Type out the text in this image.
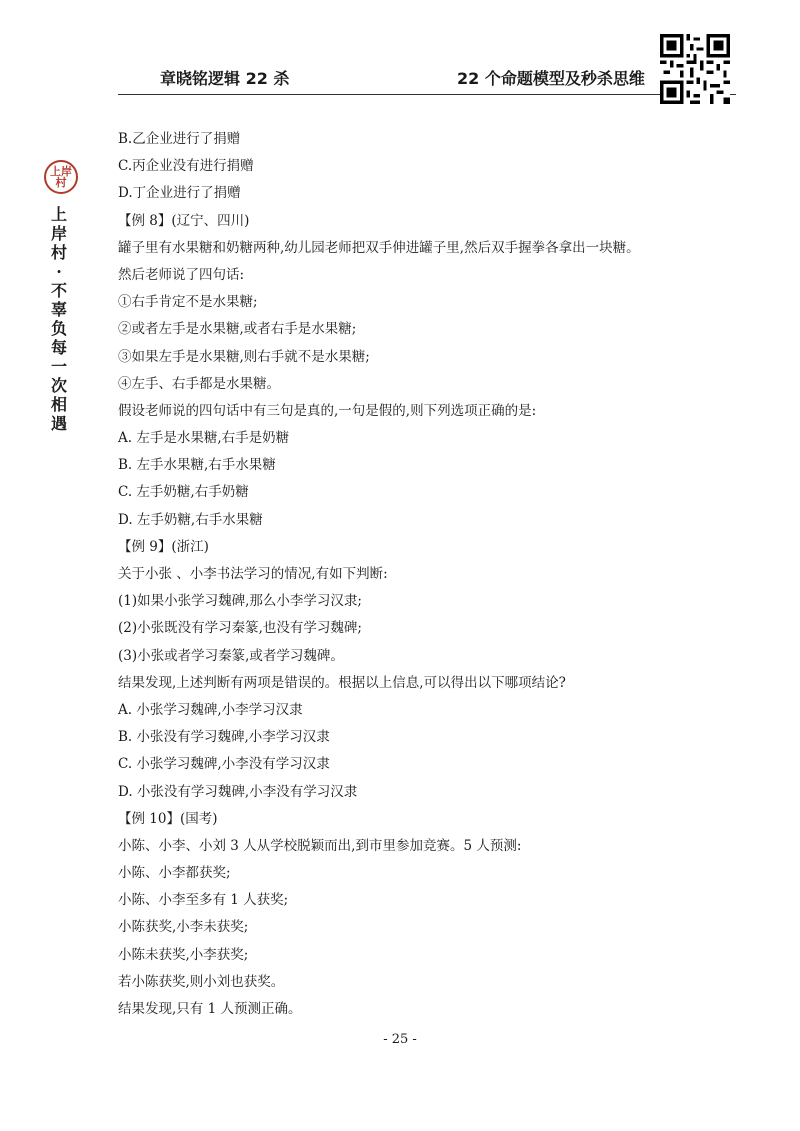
章晓铭逻辑 22 杀	22 个命题模型及秒杀思维
上岸村
上岸村·不辜负每一次相遇
B.乙企业进行了捐赠
C.丙企业没有进行捐赠
D.丁企业进行了捐赠
【例 8】(辽宁、四川)
罐子里有水果糖和奶糖两种,幼儿园老师把双手伸进罐子里,然后双手握拳各拿出一块糖。
然后老师说了四句话:
①右手肯定不是水果糖;
②或者左手是水果糖,或者右手是水果糖;
③如果左手是水果糖,则右手就不是水果糖;
④左手、右手都是水果糖。
假设老师说的四句话中有三句是真的,一句是假的,则下列选项正确的是:
A. 左手是水果糖,右手是奶糖
B. 左手水果糖,右手水果糖
C. 左手奶糖,右手奶糖
D. 左手奶糖,右手水果糖
【例 9】(浙江)
关于小张 、小李书法学习的情况,有如下判断:
(1)如果小张学习魏碑,那么小李学习汉隶;
(2)小张既没有学习秦篆,也没有学习魏碑;
(3)小张或者学习秦篆,或者学习魏碑。
结果发现,上述判断有两项是错误的。根据以上信息,可以得出以下哪项结论?
A. 小张学习魏碑,小李学习汉隶
B. 小张没有学习魏碑,小李学习汉隶
C. 小张学习魏碑,小李没有学习汉隶
D. 小张没有学习魏碑,小李没有学习汉隶
【例 10】(国考)
小陈、小李、小刘 3 人从学校脱颖而出,到市里参加竞赛。5 人预测:
小陈、小李都获奖;
小陈、小李至多有 1 人获奖;
小陈获奖,小李未获奖;
小陈未获奖,小李获奖;
若小陈获奖,则小刘也获奖。
结果发现,只有 1 人预测正确。
- 25 -
